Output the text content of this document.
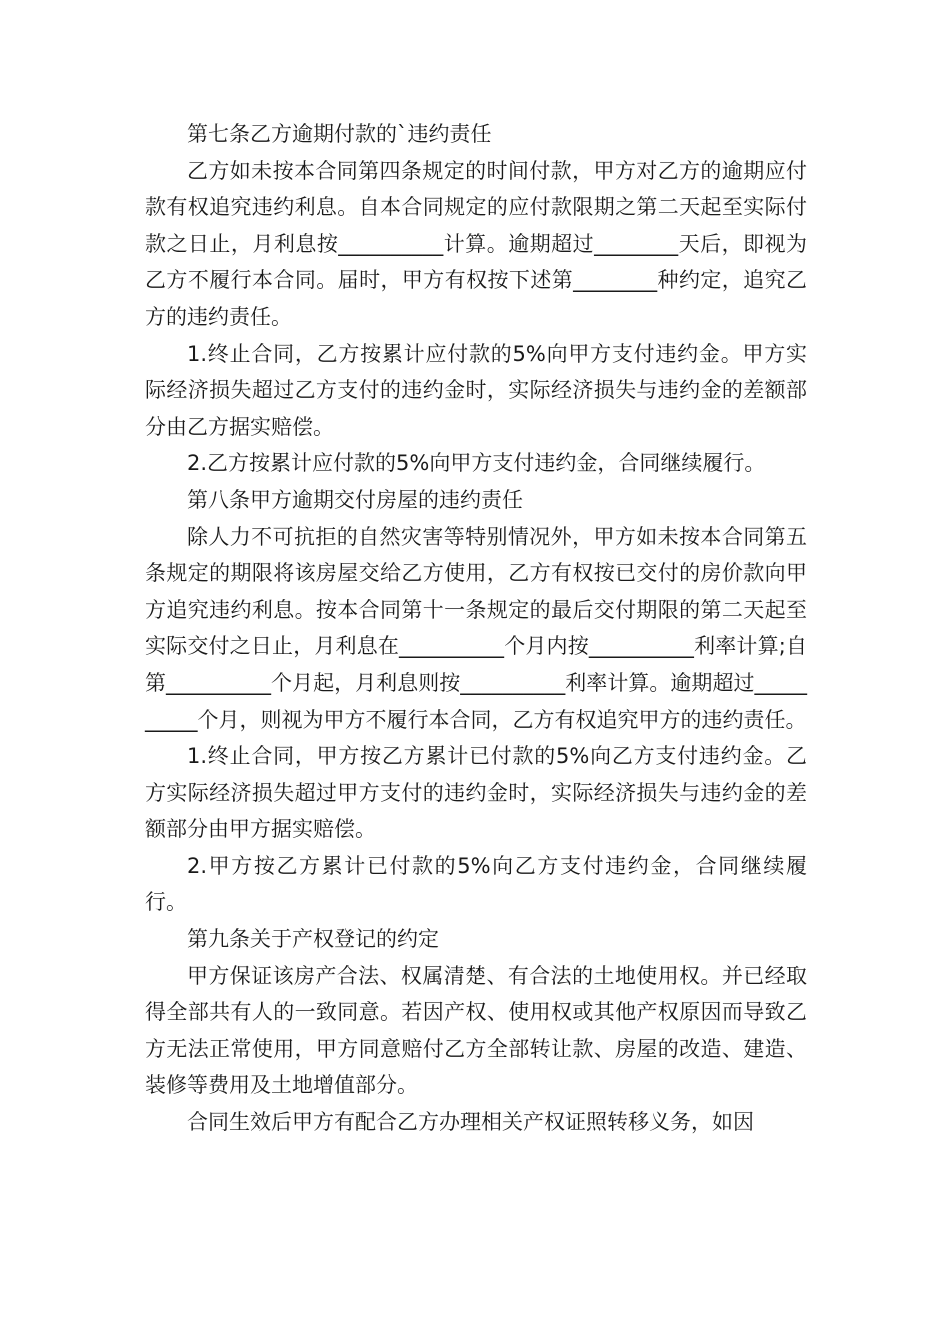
第七条乙方逾期付款的`违约责任

乙方如未按本合同第四条规定的时间付款，甲方对乙方的逾期应付款有权追究违约利息。自本合同规定的应付款限期之第二天起至实际付款之日止，月利息按__________计算。逾期超过________天后，即视为乙方不履行本合同。届时，甲方有权按下述第________种约定，追究乙方的违约责任。

1.终止合同，乙方按累计应付款的5%向甲方支付违约金。甲方实际经济损失超过乙方支付的违约金时，实际经济损失与违约金的差额部分由乙方据实赔偿。

2.乙方按累计应付款的5%向甲方支付违约金，合同继续履行。

第八条甲方逾期交付房屋的违约责任

除人力不可抗拒的自然灾害等特别情况外，甲方如未按本合同第五条规定的期限将该房屋交给乙方使用，乙方有权按已交付的房价款向甲方追究违约利息。按本合同第十一条规定的最后交付期限的第二天起至实际交付之日止，月利息在__________个月内按__________利率计算;自第__________个月起，月利息则按__________利率计算。逾期超过__________个月，则视为甲方不履行本合同，乙方有权追究甲方的违约责任。

1.终止合同，甲方按乙方累计已付款的5%向乙方支付违约金。乙方实际经济损失超过甲方支付的违约金时，实际经济损失与违约金的差额部分由甲方据实赔偿。

2.甲方按乙方累计已付款的5%向乙方支付违约金，合同继续履行。

第九条关于产权登记的约定

甲方保证该房产合法、权属清楚、有合法的土地使用权。并已经取得全部共有人的一致同意。若因产权、使用权或其他产权原因而导致乙方无法正常使用，甲方同意赔付乙方全部转让款、房屋的改造、建造、装修等费用及土地增值部分。

合同生效后甲方有配合乙方办理相关产权证照转移义务，如因
